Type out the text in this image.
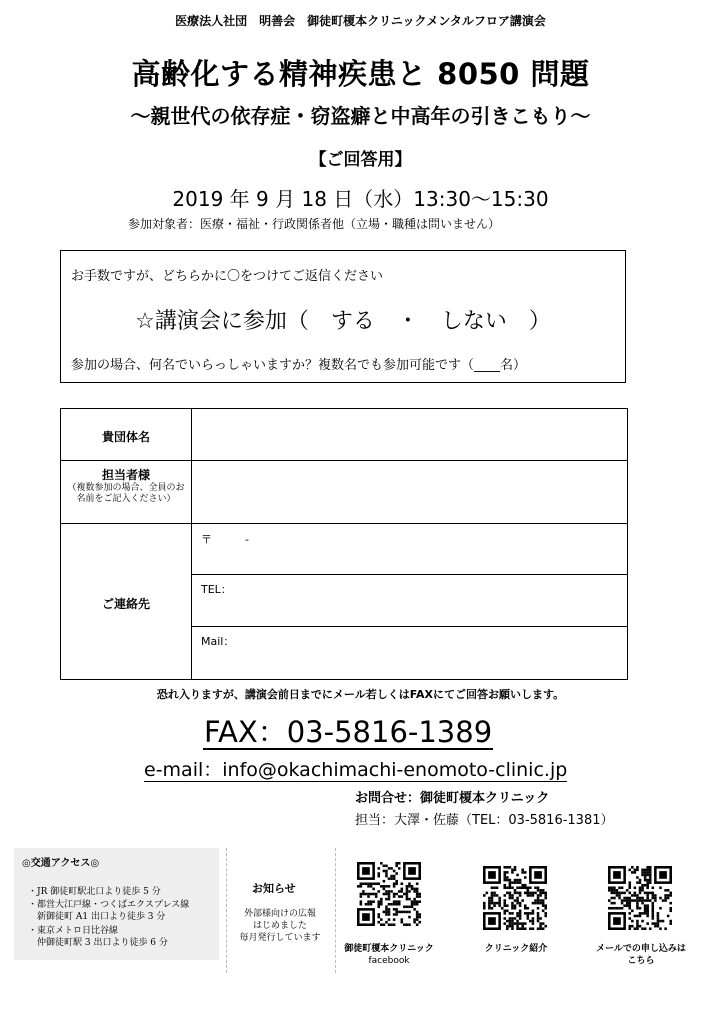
医療法人社団　明善会　御徒町榎本クリニックメンタルフロア講演会
高齢化する精神疾患と 8050 問題
～親世代の依存症・窃盗癖と中高年の引きこもり～
【ご回答用】
2019 年 9 月 18 日（水）13:30～15:30
参加対象者：医療・福祉・行政関係者他（立場・職種は問いません）
お手数ですが、どちらかに〇をつけてご返信ください
☆講演会に参加（　する　・　しない　）
参加の場合、何名でいらっしゃいますか？複数名でも参加可能です（____名）
貴団体名
担当者様
（複数参加の場合、全員のお名前をご記入ください）
ご連絡先
〒　　　-
TEL：
Mail：
恐れ入りますが、講演会前日までにメール若しくはFAXにてご回答お願いします。
FAX：03-5816-1389
e-mail：info@okachimachi-enomoto-clinic.jp
お問合せ：御徒町榎本クリニック
担当：大澤・佐藤（TEL：03-5816-1381）
◎交通アクセス◎
・JR 御徒町駅北口より徒歩 5 分
・都営大江戸線・つくばエクスプレス線
　新御徒町 A1 出口より徒歩 3 分
・東京メトロ日比谷線
　仲御徒町駅 3 出口より徒歩 6 分
お知らせ
外部様向けの広報
はじめました
毎月発行しています
御徒町榎本クリニック
facebook
クリニック紹介	メールでの申し込みは
こちら
